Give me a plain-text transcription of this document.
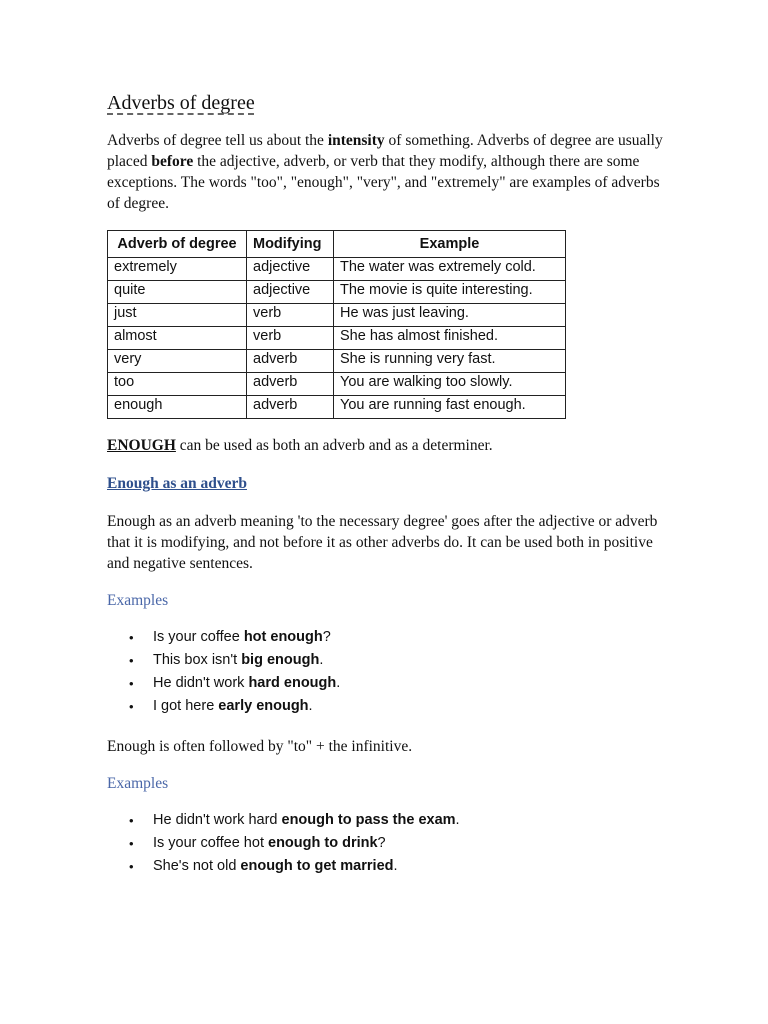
Adverbs of degree

Adverbs of degree tell us about the intensity of something. Adverbs of degree are usually placed before the adjective, adverb, or verb that they modify, although there are some exceptions. The words "too", "enough", "very", and "extremely" are examples of adverbs of degree.

Adverb of degree	Modifying	Example
extremely	adjective	The water was extremely cold.
quite	adjective	The movie is quite interesting.
just	verb	He was just leaving.
almost	verb	She has almost finished.
very	adverb	She is running very fast.
too	adverb	You are walking too slowly.
enough	adverb	You are running fast enough.

ENOUGH can be used as both an adverb and as a determiner.

Enough as an adverb

Enough as an adverb meaning 'to the necessary degree' goes after the adjective or adverb that it is modifying, and not before it as other adverbs do. It can be used both in positive and negative sentences.

Examples

• Is your coffee hot enough?
• This box isn't big enough.
• He didn't work hard enough.
• I got here early enough.

Enough is often followed by "to" + the infinitive.

Examples

• He didn't work hard enough to pass the exam.
• Is your coffee hot enough to drink?
• She's not old enough to get married.
